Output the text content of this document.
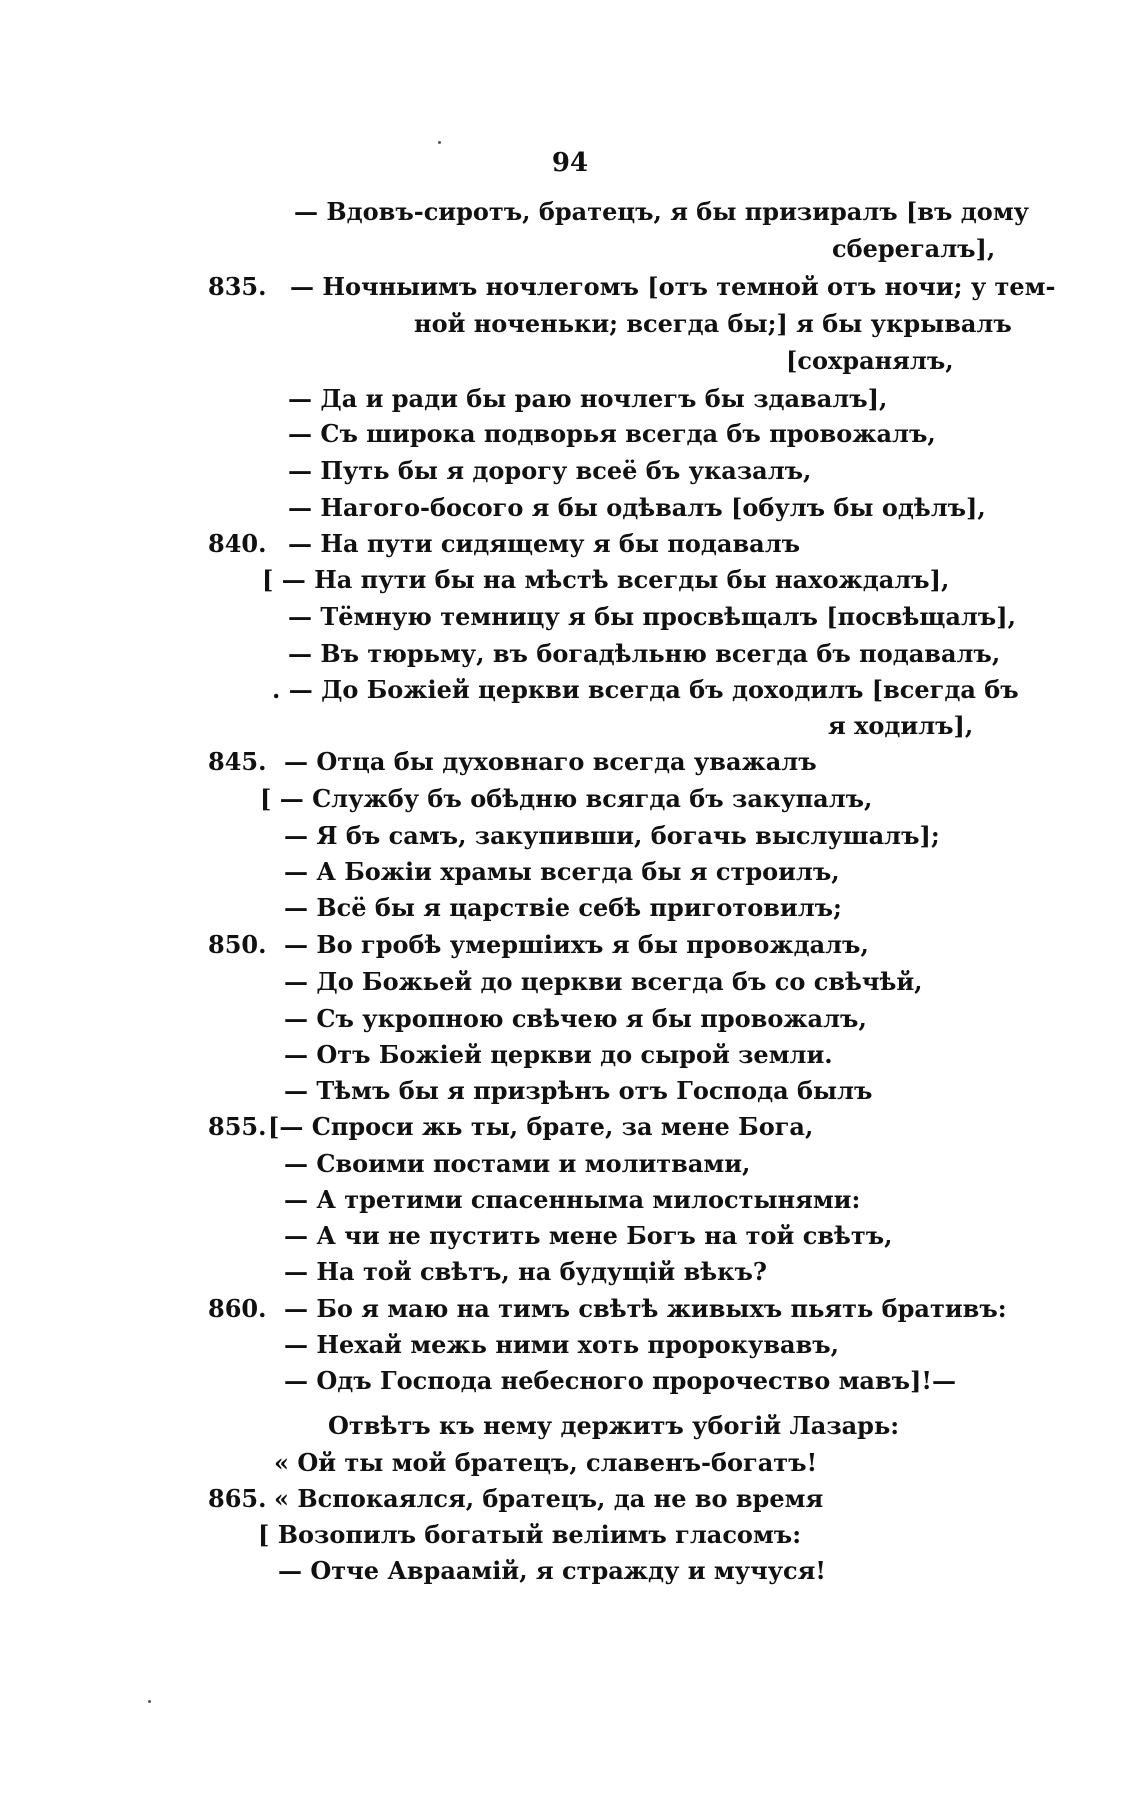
94
— Вдовъ-сиротъ, братецъ, я бы призиралъ [въ дому
сберегалъ],
835. — Ночныимъ ночлегомъ [отъ темной отъ ночи; у тем-
ной ноченьки; всегда бы;] я бы укрывалъ
[сохранялъ,
— Да и ради бы раю ночлегъ бы здавалъ],
— Съ широка подворья всегда бъ провожалъ,
— Путь бы я дорогу всеё бъ указалъ,
— Нагого-босого я бы одѣвалъ [обулъ бы одѣлъ],
840. — На пути сидящему я бы подавалъ
[ — На пути бы на мѣстѣ всегды бы нахождалъ],
— Тёмную темницу я бы просвѣщалъ [посвѣщалъ],
— Въ тюрьму, въ богадѣльню всегда бъ подавалъ,
. — До Божіей церкви всегда бъ доходилъ [всегда бъ
я ходилъ],
845. — Отца бы духовнаго всегда уважалъ
[ — Службу бъ обѣдню всягда бъ закупалъ,
— Я бъ самъ, закупивши, богачь выслушалъ];
— А Божіи храмы всегда бы я строилъ,
— Всё бы я царствіе себѣ приготовилъ;
850. — Во гробѣ умершіихъ я бы провождалъ,
— До Божьей до церкви всегда бъ со свѣчѣй,
— Съ укропною свѣчею я бы провожалъ,
— Отъ Божіей церкви до сырой земли.
— Тѣмъ бы я призрѣнъ отъ Господа былъ
855. [— Спроси жь ты, брате, за мене Бога,
— Своими постами и молитвами,
— А третими спасенныма милостынями:
— А чи не пустить мене Богъ на той свѣтъ,
— На той свѣтъ, на будущій вѣкъ?
860. — Бо я маю на тимъ свѣтѣ живыхъ пьять бративъ:
— Нехай межь ними хоть пророкувавъ,
— Одъ Господа небесного пророчество мавъ]!—
Отвѣтъ къ нему держитъ убогій Лазарь:
« Ой ты мой братецъ, славенъ-богатъ!
865. « Вспокаялся, братецъ, да не во время
[ Возопилъ богатый веліимъ гласомъ:
— Отче Авраамій, я стражду и мучуся!
